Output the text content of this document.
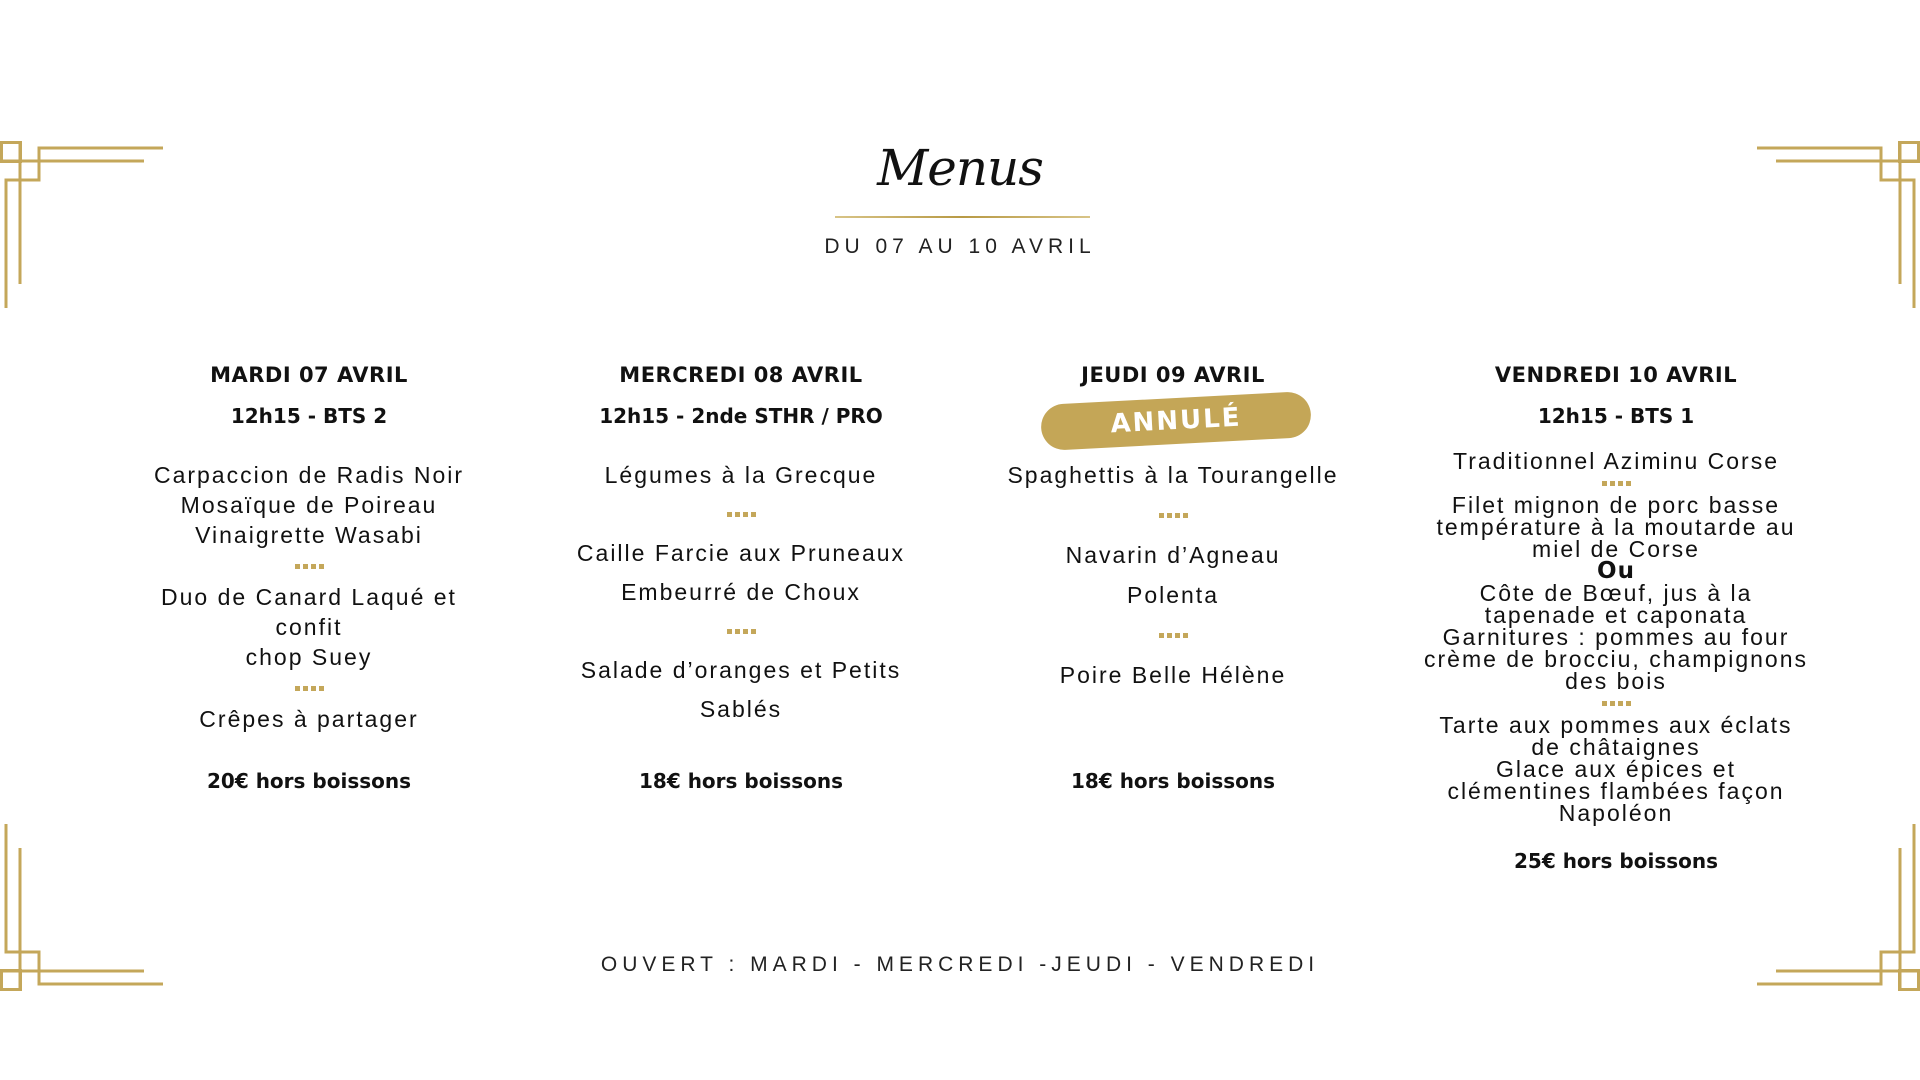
Menus
DU 07 AU 10 AVRIL
MARDI 07 AVRIL
12h15 - BTS 2
Carpaccion de Radis Noir
Mosaïque de Poireau
Vinaigrette Wasabi
Duo de Canard Laqué et
confit
chop Suey
Crêpes à partager
20€ hors boissons
MERCREDI 08 AVRIL
12h15 - 2nde STHR / PRO
Légumes à la Grecque
Caille Farcie aux Pruneaux
Embeurré de Choux
Salade d’oranges et Petits
Sablés
18€ hors boissons
JEUDI 09 AVRIL
ANNULÉ
Spaghettis à la Tourangelle
Navarin d’Agneau
Polenta
Poire Belle Hélène
18€ hors boissons
VENDREDI 10 AVRIL
12h15 - BTS 1
Traditionnel Aziminu Corse
Filet mignon de porc basse
température à la moutarde au
miel de Corse
Ou
Côte de Bœuf, jus à la
tapenade et caponata
Garnitures : pommes au four
crème de brocciu, champignons
des bois
Tarte aux pommes aux éclats
de châtaignes
Glace aux épices et
clémentines flambées façon
Napoléon
25€ hors boissons
OUVERT : MARDI - MERCREDI -JEUDI - VENDREDI
